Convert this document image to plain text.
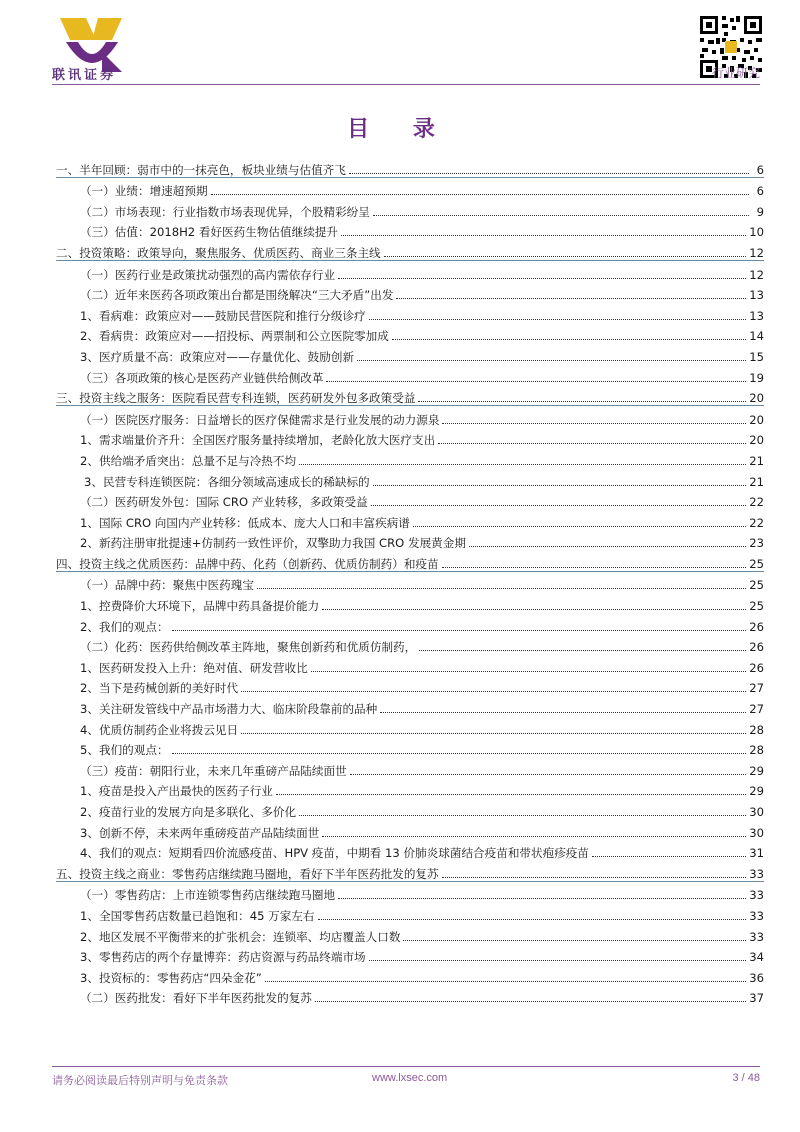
联讯证券	行业研究
目 录
一、半年回顾：弱市中的一抹亮色，板块业绩与估值齐飞	6
（一）业绩：增速超预期	6
（二）市场表现：行业指数市场表现优异，个股精彩纷呈	9
（三）估值：2018H2 看好医药生物估值继续提升	10
二、投资策略：政策导向，聚焦服务、优质医药、商业三条主线	12
（一）医药行业是政策扰动强烈的高内需依存行业	12
（二）近年来医药各项政策出台都是围绕解决“三大矛盾”出发	13
1、看病难：政策应对——鼓励民营医院和推行分级诊疗	13
2、看病贵：政策应对——招投标、两票制和公立医院零加成	14
3、医疗质量不高：政策应对——存量优化、鼓励创新	15
（三）各项政策的核心是医药产业链供给侧改革	19
三、投资主线之服务：医院看民营专科连锁，医药研发外包多政策受益	20
（一）医院医疗服务：日益增长的医疗保健需求是行业发展的动力源泉	20
1、需求端量价齐升：全国医疗服务量持续增加，老龄化放大医疗支出	20
2、供给端矛盾突出：总量不足与冷热不均	21
3、民营专科连锁医院：各细分领域高速成长的稀缺标的	21
（二）医药研发外包：国际 CRO 产业转移，多政策受益	22
1、国际 CRO 向国内产业转移：低成本、庞大人口和丰富疾病谱	22
2、新药注册审批提速+仿制药一致性评价，双擎助力我国 CRO 发展黄金期	23
四、投资主线之优质医药：品牌中药、化药（创新药、优质仿制药）和疫苗	25
（一）品牌中药：聚焦中医药瑰宝	25
1、控费降价大环境下，品牌中药具备提价能力	25
2、我们的观点：	26
（二）化药：医药供给侧改革主阵地，聚焦创新药和优质仿制药，	26
1、医药研发投入上升：绝对值、研发营收比	26
2、当下是药械创新的美好时代	27
3、关注研发管线中产品市场潜力大、临床阶段靠前的品种	27
4、优质仿制药企业将拨云见日	28
5、我们的观点：	28
（三）疫苗：朝阳行业，未来几年重磅产品陆续面世	29
1、疫苗是投入产出最快的医药子行业	29
2、疫苗行业的发展方向是多联化、多价化	30
3、创新不停，未来两年重磅疫苗产品陆续面世	30
4、我们的观点：短期看四价流感疫苗、HPV 疫苗，中期看 13 价肺炎球菌结合疫苗和带状疱疹疫苗	31
五、投资主线之商业：零售药店继续跑马圈地，看好下半年医药批发的复苏	33
（一）零售药店：上市连锁零售药店继续跑马圈地	33
1、全国零售药店数量已趋饱和：45 万家左右	33
2、地区发展不平衡带来的扩张机会：连锁率、均店覆盖人口数	33
3、零售药店的两个存量博弈：药店资源与药品终端市场	34
3、投资标的：零售药店“四朵金花”	36
（二）医药批发：看好下半年医药批发的复苏	37
请务必阅读最后特别声明与免责条款	www.lxsec.com	3 / 48
